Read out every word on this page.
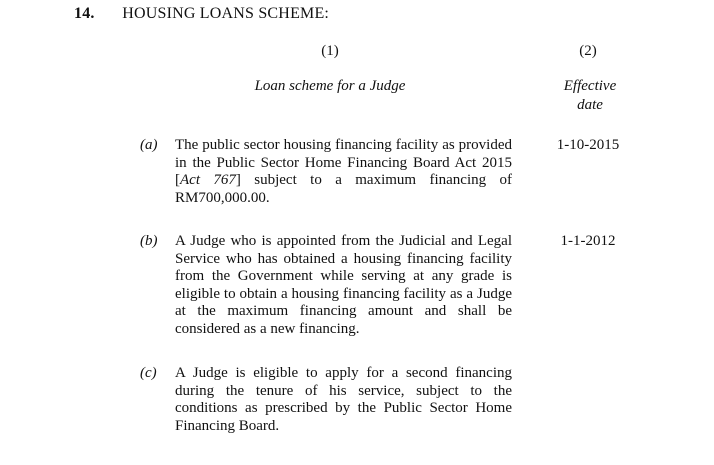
14. HOUSING LOANS SCHEME:
(1)	(2)
Loan scheme for a Judge	Effective
date
(a) The public sector housing financing facility as provided in the Public Sector Home Financing Board Act 2015 [Act 767] subject to a maximum financing of RM700,000.00.
1-10-2015
(b) A Judge who is appointed from the Judicial and Legal Service who has obtained a housing financing facility from the Government while serving at any grade is eligible to obtain a housing financing facility as a Judge at the maximum financing amount and shall be considered as a new financing.
1-1-2012
(c) A Judge is eligible to apply for a second financing during the tenure of his service, subject to the conditions as prescribed by the Public Sector Home Financing Board.
